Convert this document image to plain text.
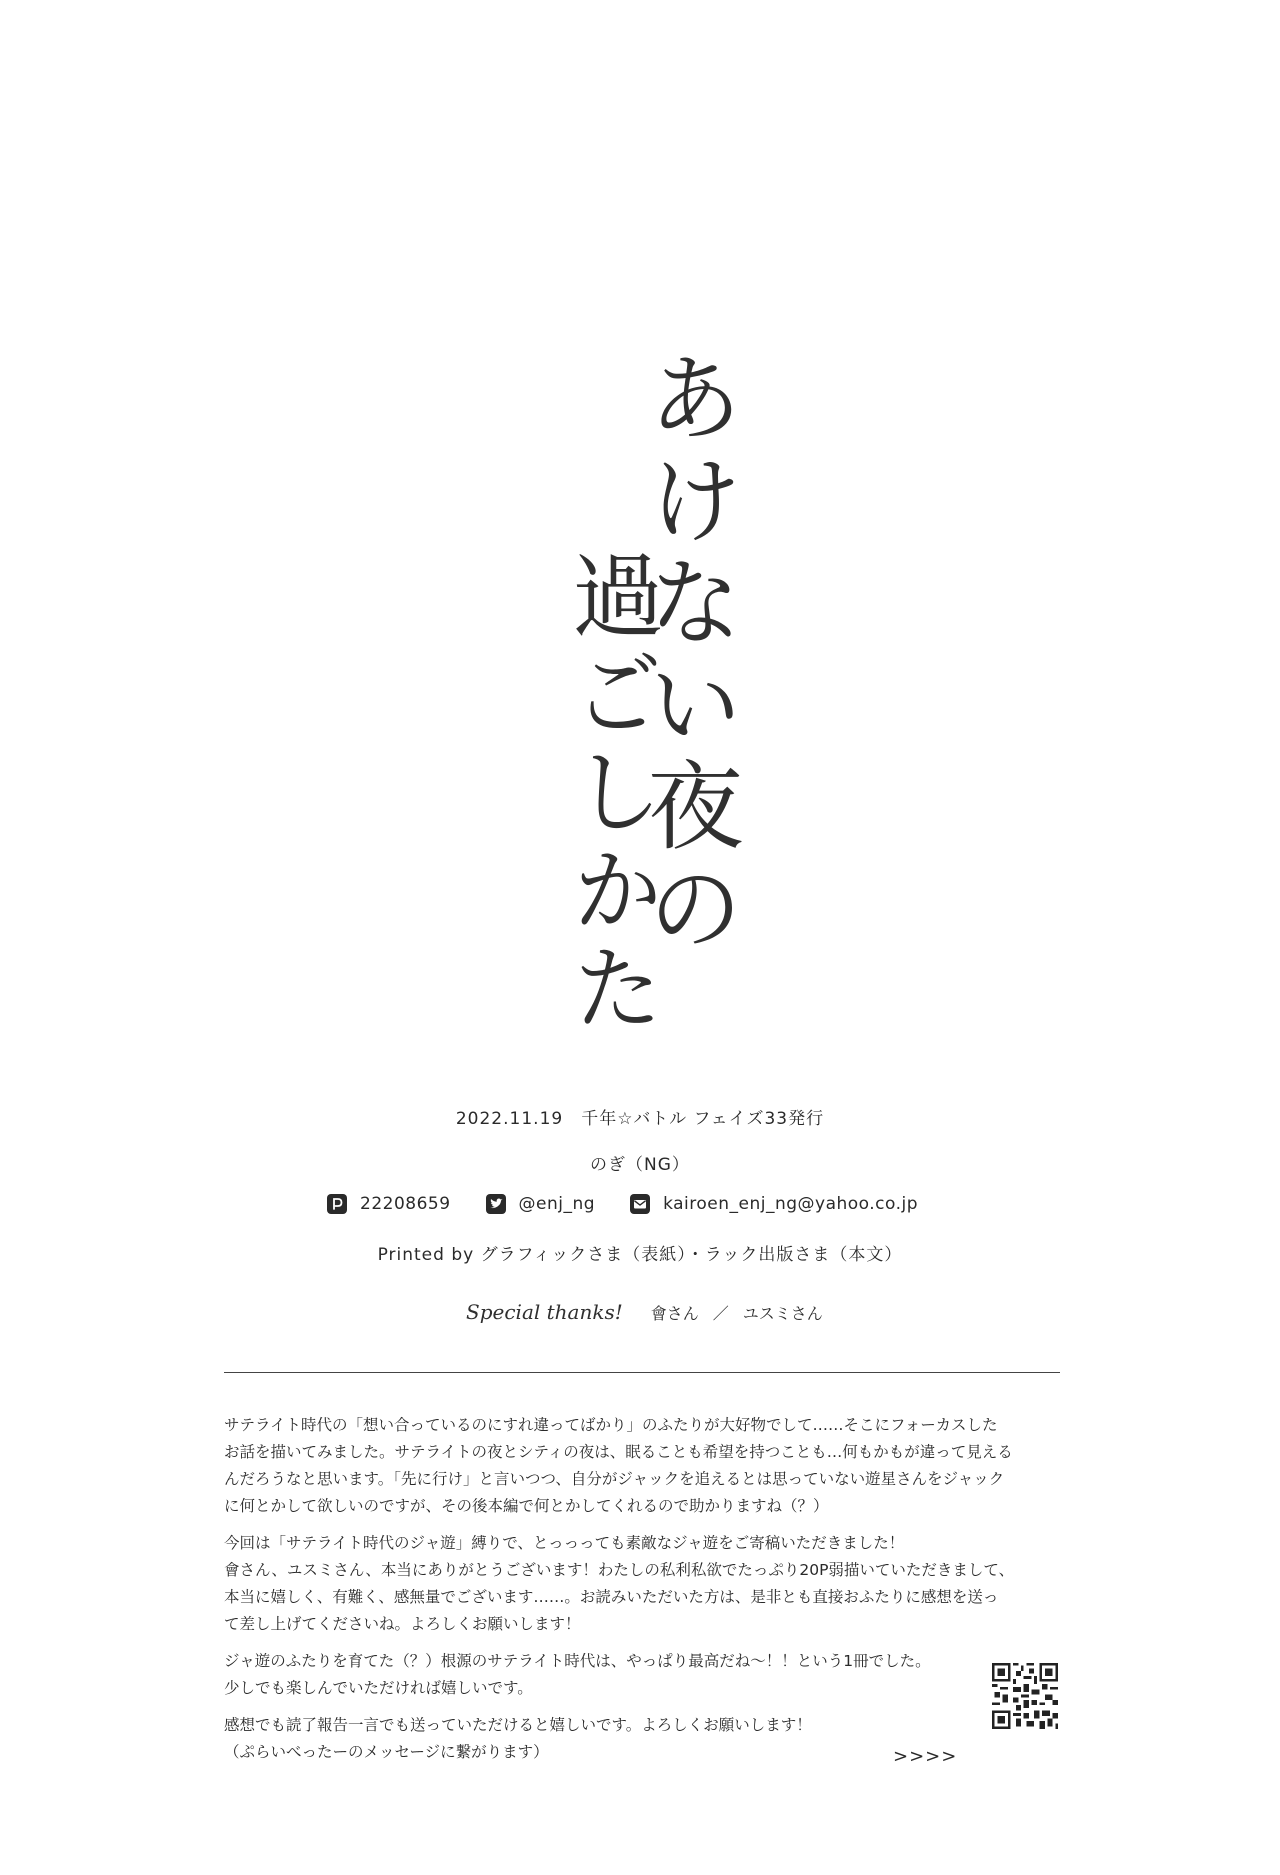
あけない夜の
過ごしかた
2022.11.19　千年☆バトル フェイズ33発行
のぎ（NG）
22208659	@enj_ng	kairoen_enj_ng@yahoo.co.jp
Printed by グラフィックさま（表紙）・ラック出版さま（本文）
Special thanks! 會さん ／ ユスミさん
サテライト時代の「想い合っているのにすれ違ってばかり」のふたりが大好物でして……そこにフォーカスした
お話を描いてみました。サテライトの夜とシティの夜は、眠ることも希望を持つことも…何もかもが違って見える
んだろうなと思います。「先に行け」と言いつつ、自分がジャックを追えるとは思っていない遊星さんをジャック
に何とかして欲しいのですが、その後本編で何とかしてくれるので助かりますね（？）
今回は「サテライト時代のジャ遊」縛りで、とっっっても素敵なジャ遊をご寄稿いただきました！
會さん、ユスミさん、本当にありがとうございます！わたしの私利私欲でたっぷり20P弱描いていただきまして、
本当に嬉しく、有難く、感無量でございます……。お読みいただいた方は、是非とも直接おふたりに感想を送っ
て差し上げてくださいね。よろしくお願いします！
ジャ遊のふたりを育てた（？）根源のサテライト時代は、やっぱり最高だね～！！という1冊でした。
少しでも楽しんでいただければ嬉しいです。
感想でも読了報告一言でも送っていただけると嬉しいです。よろしくお願いします！
（ぷらいべったーのメッセージに繋がります）	>>>>
